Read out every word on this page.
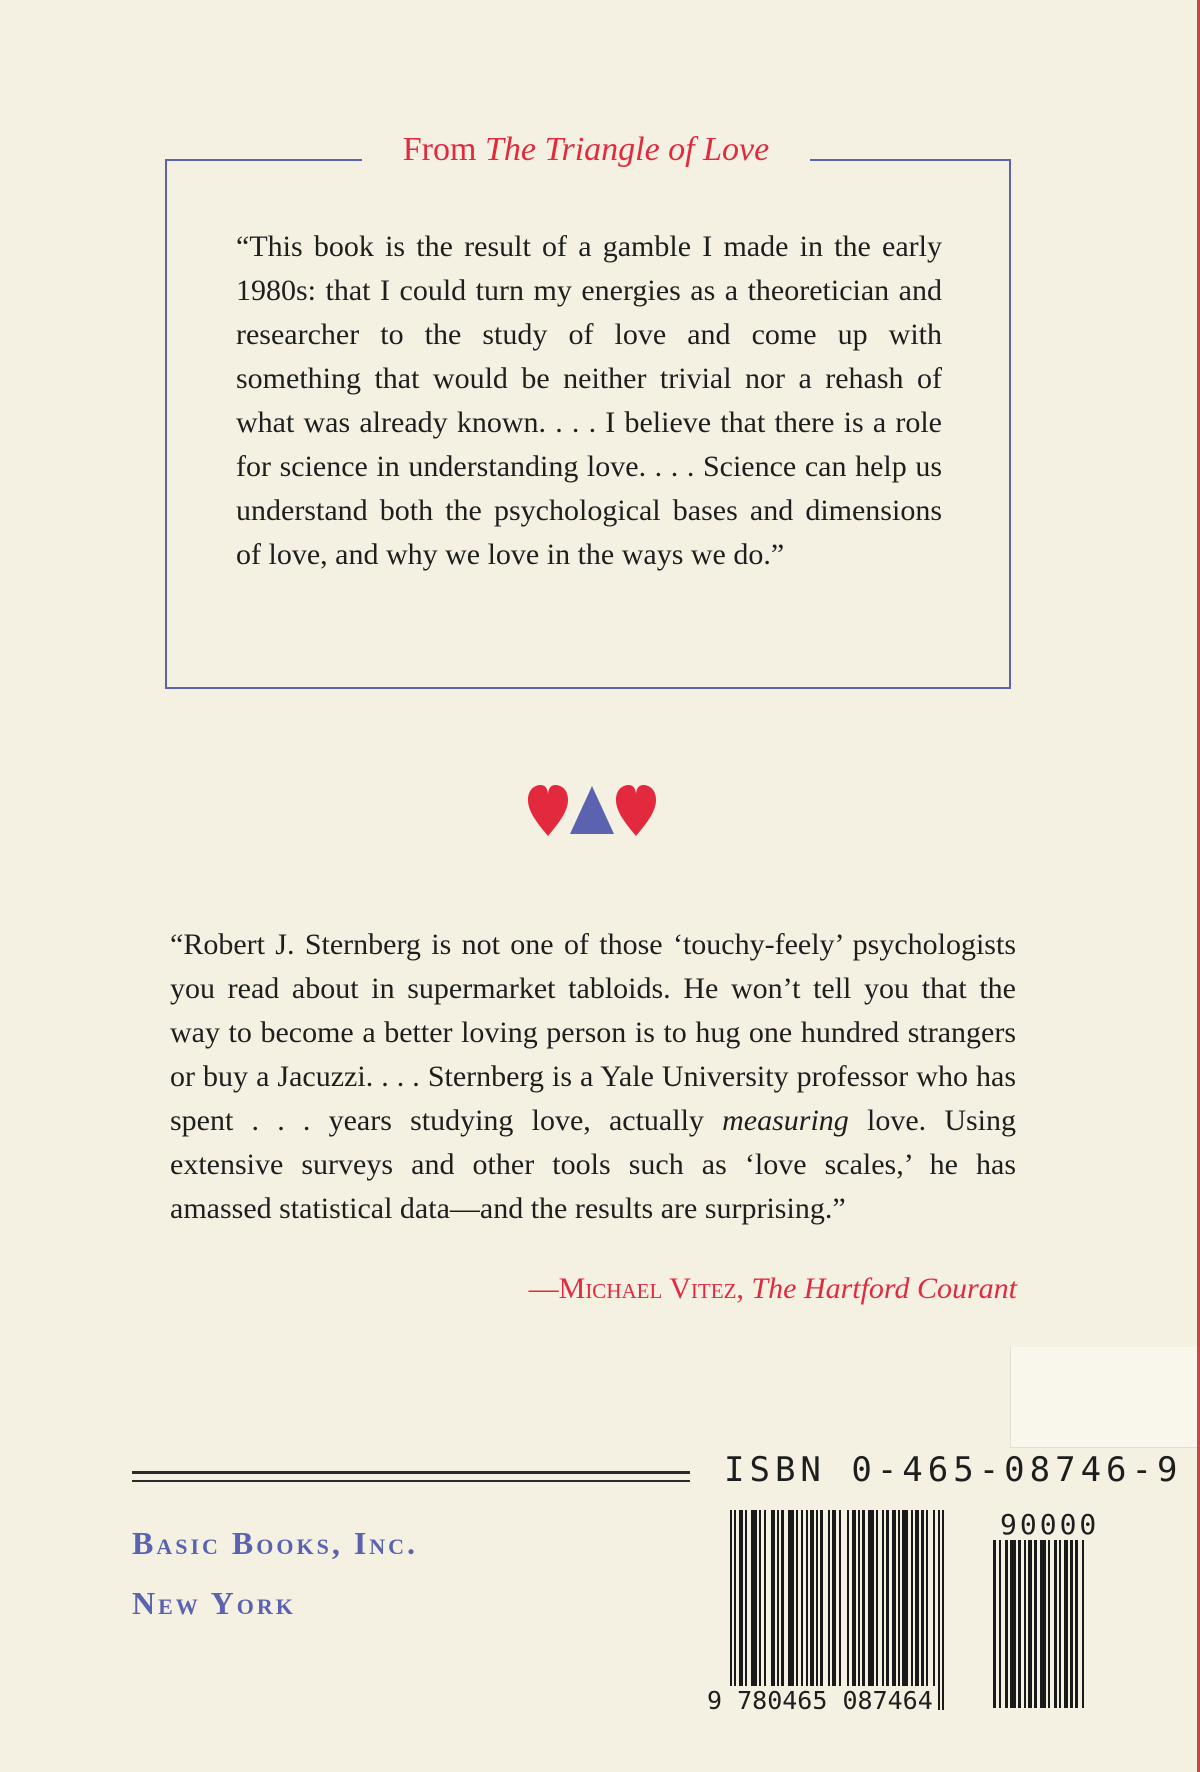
From The Triangle of Love

“This book is the result of a gamble I made in the early 1980s: that I could turn my energies as a theoretician and researcher to the study of love and come up with something that would be neither trivial nor a rehash of what was already known. . . . I believe that there is a role for science in understanding love. . . . Science can help us understand both the psychological bases and dimensions of love, and why we love in the ways we do.”

“Robert J. Sternberg is not one of those ‘touchy-feely’ psychologists you read about in supermarket tabloids. He won’t tell you that the way to become a better loving person is to hug one hundred strangers or buy a Jacuzzi. . . . Sternberg is a Yale University professor who has spent . . . years studying love, actually measuring love. Using extensive surveys and other tools such as ‘love scales,’ he has amassed statistical data—and the results are surprising.”

—Michael Vitez, The Hartford Courant
Basic Books, Inc.
New York
ISBN 0-465-08746-9
9 780465 087464
90000
